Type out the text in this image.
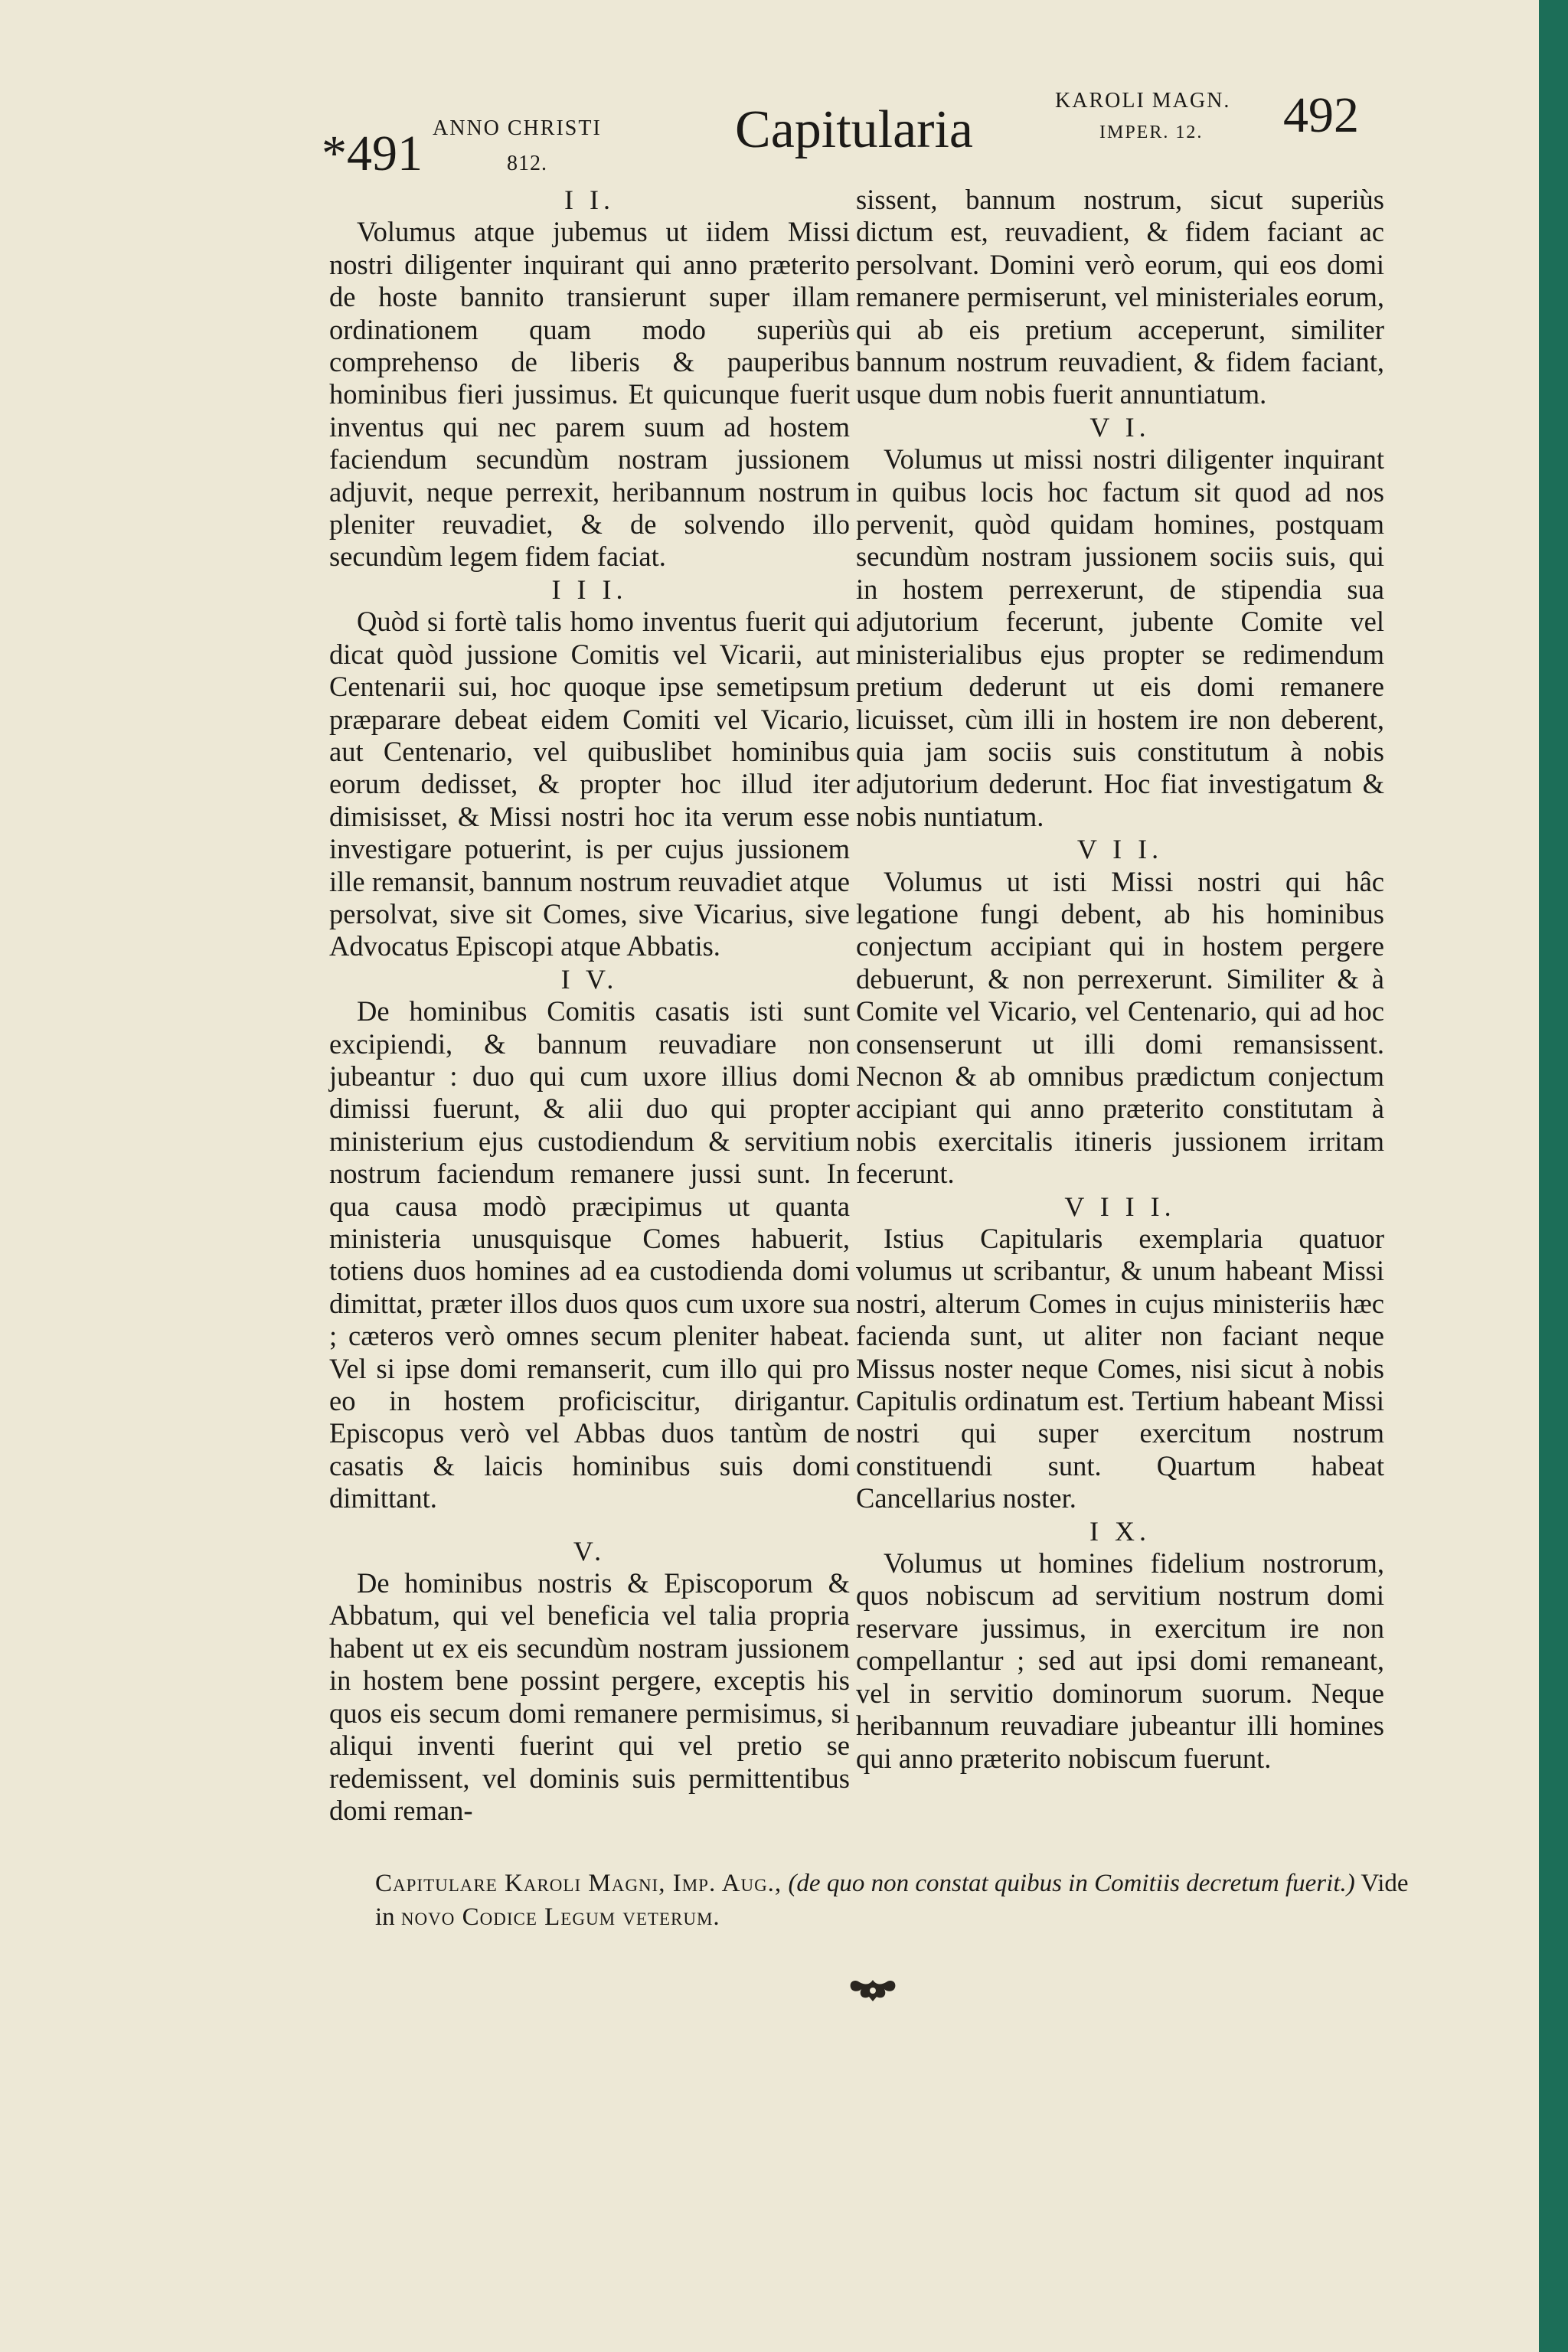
*491 ANNO CHRISTI
812.
Capitularia	KAROLI MAGN.
IMPER. 12. 492
I I.

Volumus atque jubemus ut iidem Missi nostri diligenter inquirant qui anno præterito de hoste bannito transierunt super illam ordinationem quam modo superiùs comprehenso de liberis & pauperibus hominibus fieri jussimus. Et quicunque fuerit inventus qui nec parem suum ad hostem faciendum secundùm nostram jussionem adjuvit, neque perrexit, heribannum nostrum pleniter reuvadiet, & de solvendo illo secundùm legem fidem faciat.

I I I.

Quòd si fortè talis homo inventus fuerit qui dicat quòd jussione Comitis vel Vicarii, aut Centenarii sui, hoc quoque ipse semetipsum præparare debeat eidem Comiti vel Vicario, aut Centenario, vel quibuslibet hominibus eorum dedisset, & propter hoc illud iter dimisisset, & Missi nostri hoc ita verum esse investigare potuerint, is per cujus jussionem ille remansit, bannum nostrum reuvadiet atque persolvat, sive sit Comes, sive Vicarius, sive Advocatus Episcopi atque Abbatis.

I V.

De hominibus Comitis casatis isti sunt excipiendi, & bannum reuvadiare non jubeantur : duo qui cum uxore illius domi dimissi fuerunt, & alii duo qui propter ministerium ejus custodiendum & servitium nostrum faciendum remanere jussi sunt. In qua causa modò præcipimus ut quanta ministeria unusquisque Comes habuerit, totiens duos homines ad ea custodienda domi dimittat, præter illos duos quos cum uxore sua ; cæteros verò omnes secum pleniter habeat. Vel si ipse domi remanserit, cum illo qui pro eo in hostem proficiscitur, dirigantur. Episcopus verò vel Abbas duos tantùm de casatis & laicis hominibus suis domi dimittant.

V.

De hominibus nostris & Episcoporum & Abbatum, qui vel beneficia vel talia propria habent ut ex eis secundùm nostram jussionem in hostem bene possint pergere, exceptis his quos eis secum domi remanere permisimus, si aliqui inventi fuerint qui vel pretio se redemissent, vel dominis suis permittentibus domi reman-

sissent, bannum nostrum, sicut superiùs dictum est, reuvadient, & fidem faciant ac persolvant. Domini verò eorum, qui eos domi remanere permiserunt, vel ministeriales eorum, qui ab eis pretium acceperunt, similiter bannum nostrum reuvadient, & fidem faciant, usque dum nobis fuerit annuntiatum.

V I.

Volumus ut missi nostri diligenter inquirant in quibus locis hoc factum sit quod ad nos pervenit, quòd quidam homines, postquam secundùm nostram jussionem sociis suis, qui in hostem perrexerunt, de stipendia sua adjutorium fecerunt, jubente Comite vel ministerialibus ejus propter se redimendum pretium dederunt ut eis domi remanere licuisset, cùm illi in hostem ire non deberent, quia jam sociis suis constitutum à nobis adjutorium dederunt. Hoc fiat investigatum & nobis nuntiatum.

V I I.

Volumus ut isti Missi nostri qui hâc legatione fungi debent, ab his hominibus conjectum accipiant qui in hostem pergere debuerunt, & non perrexerunt. Similiter & à Comite vel Vicario, vel Centenario, qui ad hoc consenserunt ut illi domi remansissent. Necnon & ab omnibus prædictum conjectum accipiant qui anno præterito constitutam à nobis exercitalis itineris jussionem irritam fecerunt.

V I I I.

Istius Capitularis exemplaria quatuor volumus ut scribantur, & unum habeant Missi nostri, alterum Comes in cujus ministeriis hæc facienda sunt, ut aliter non faciant neque Missus noster neque Comes, nisi sicut à nobis Capitulis ordinatum est. Tertium habeant Missi nostri qui super exercitum nostrum constituendi sunt. Quartum habeat Cancellarius noster.

I X.

Volumus ut homines fidelium nostrorum, quos nobiscum ad servitium nostrum domi reservare jussimus, in exercitum ire non compellantur ; sed aut ipsi domi remaneant, vel in servitio dominorum suorum. Neque heribannum reuvadiare jubeantur illi homines qui anno præterito nobiscum fuerunt.

Capitulare Karoli Magni, Imp. Aug., (de quo non constat quibus in Comitiis decretum fuerit.) Vide in novo Codice Legum veterum.
